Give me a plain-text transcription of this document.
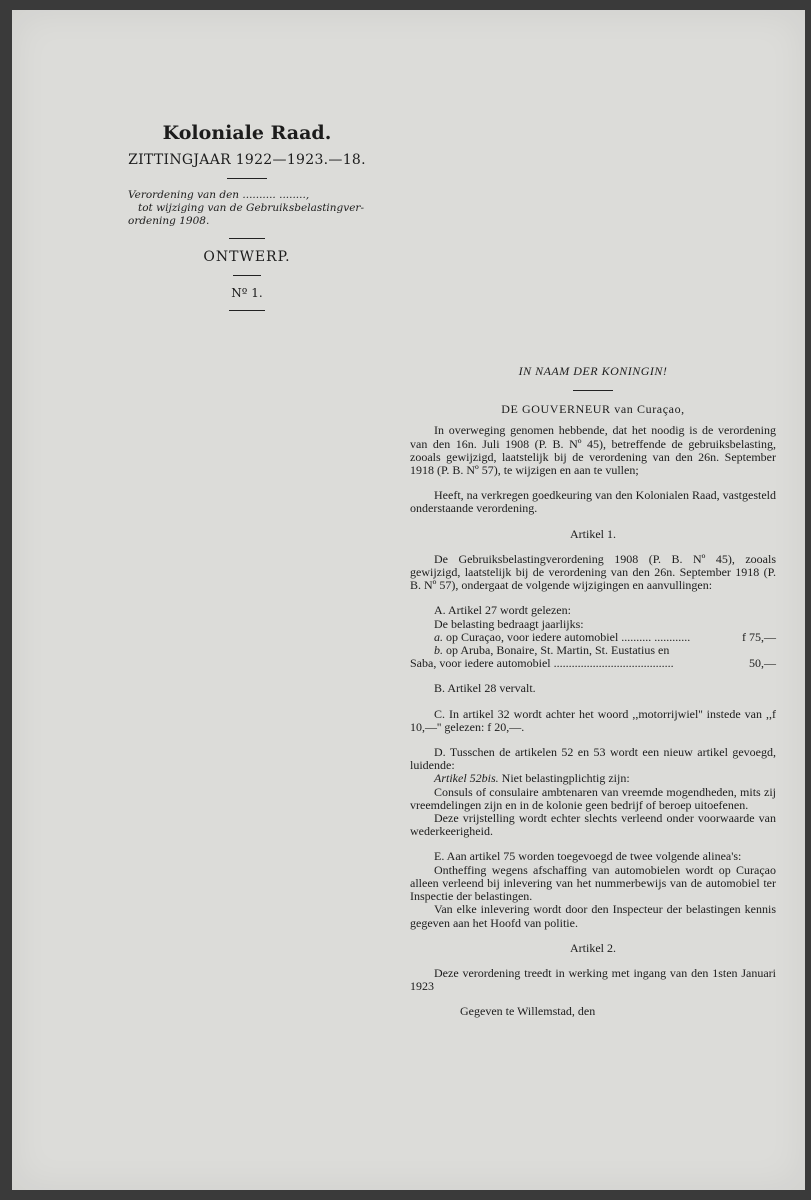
Koloniale Raad.
ZITTINGJAAR 1922—1923.—18.
Verordening van den .......... ........,
tot wijziging van de Gebruiksbelastingver-
ordening 1908.
ONTWERP.
Nº 1.

IN NAAM DER KONINGIN!

DE GOUVERNEUR van Curaçao,

In overweging genomen hebbende, dat het noodig is de verordening van den 16n. Juli 1908 (P. B. Nº 45), betreffende de gebruiksbelasting, zooals gewijzigd, laatstelijk bij de verordening van den 26n. September 1918 (P. B. Nº 57), te wijzigen en aan te vullen;

Heeft, na verkregen goedkeuring van den Kolonialen Raad, vastgesteld onderstaande verordening.

Artikel 1.

De Gebruiksbelastingverordening 1908 (P. B. Nº 45), zooals gewijzigd, laatstelijk bij de verordening van den 26n. September 1918 (P. B. Nº 57), ondergaat de volgende wijzigingen en aanvullingen:

A. Artikel 27 wordt gelezen:

De belasting bedraagt jaarlijks:

a. op Curaçao, voor iedere automobiel .......... ............	f 75,—

b. op Aruba, Bonaire, St. Martin, St. Eustatius en

Saba, voor iedere automobiel ........................................	50,—

B. Artikel 28 vervalt.

C. In artikel 32 wordt achter het woord ,,motorrijwiel'' instede van ,,f 10,—'' gelezen: f 20,—.

D. Tusschen de artikelen 52 en 53 wordt een nieuw artikel gevoegd, luidende:

Artikel 52bis. Niet belastingplichtig zijn:

Consuls of consulaire ambtenaren van vreemde mogendheden, mits zij vreemdelingen zijn en in de kolonie geen bedrijf of beroep uitoefenen.

Deze vrijstelling wordt echter slechts verleend onder voorwaarde van wederkeerigheid.

E. Aan artikel 75 worden toegevoegd de twee volgende alinea's:

Ontheffing wegens afschaffing van automobielen wordt op Curaçao alleen verleend bij inlevering van het nummerbewijs van de automobiel ter Inspectie der belastingen.

Van elke inlevering wordt door den Inspecteur der belastingen kennis gegeven aan het Hoofd van politie.

Artikel 2.

Deze verordening treedt in werking met ingang van den 1sten Januari 1923

Gegeven te Willemstad, den
